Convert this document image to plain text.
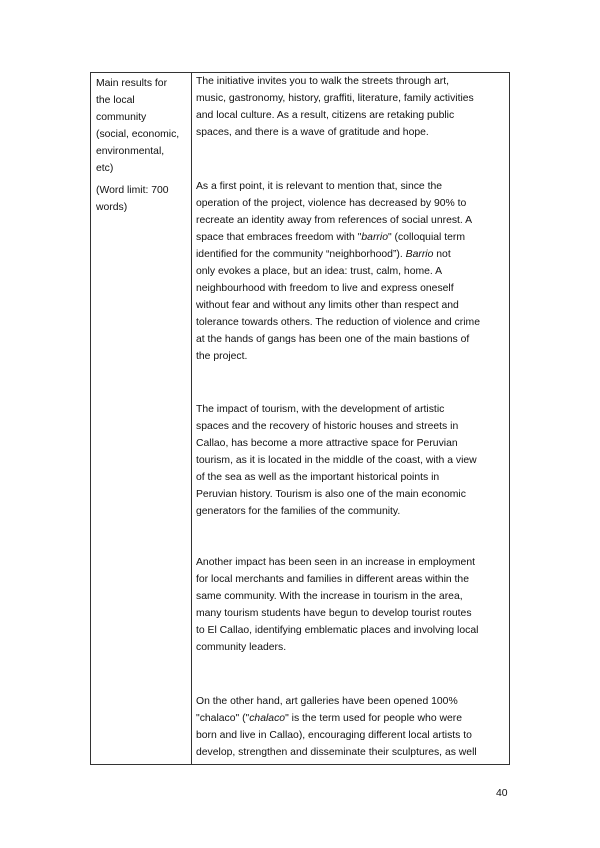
Main results for
the local
community
(social, economic,
environmental,
etc)
(Word limit: 700
words)
The initiative invites you to walk the streets through art,
music, gastronomy, history, graffiti, literature, family activities
and local culture. As a result, citizens are retaking public
spaces, and there is a wave of gratitude and hope.
As a first point, it is relevant to mention that, since the
operation of the project, violence has decreased by 90% to
recreate an identity away from references of social unrest. A
space that embraces freedom with "barrio" (colloquial term
identified for the community “neighborhood”). Barrio not
only evokes a place, but an idea: trust, calm, home. A
neighbourhood with freedom to live and express oneself
without fear and without any limits other than respect and
tolerance towards others. The reduction of violence and crime
at the hands of gangs has been one of the main bastions of
the project.
The impact of tourism, with the development of artistic
spaces and the recovery of historic houses and streets in
Callao, has become a more attractive space for Peruvian
tourism, as it is located in the middle of the coast, with a view
of the sea as well as the important historical points in
Peruvian history. Tourism is also one of the main economic
generators for the families of the community.
Another impact has been seen in an increase in employment
for local merchants and families in different areas within the
same community. With the increase in tourism in the area,
many tourism students have begun to develop tourist routes
to El Callao, identifying emblematic places and involving local
community leaders.
On the other hand, art galleries have been opened 100%
"chalaco" ("chalaco" is the term used for people who were
born and live in Callao), encouraging different local artists to
develop, strengthen and disseminate their sculptures, as well
40
